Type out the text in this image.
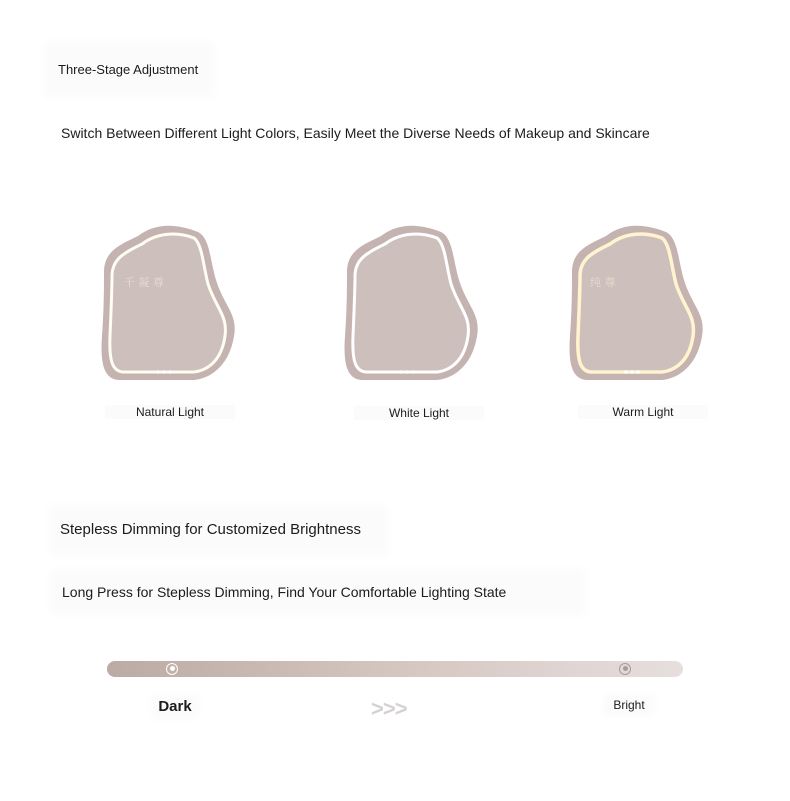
Three-Stage Adjustment
Switch Between Different Light Colors, Easily Meet the Diverse Needs of Makeup and Skincare
千 凝 尊	纯 尊
Natural Light	White Light	Warm Light
Stepless Dimming for Customized Brightness
Long Press for Stepless Dimming, Find Your Comfortable Lighting State
Dark	>>>	Bright
